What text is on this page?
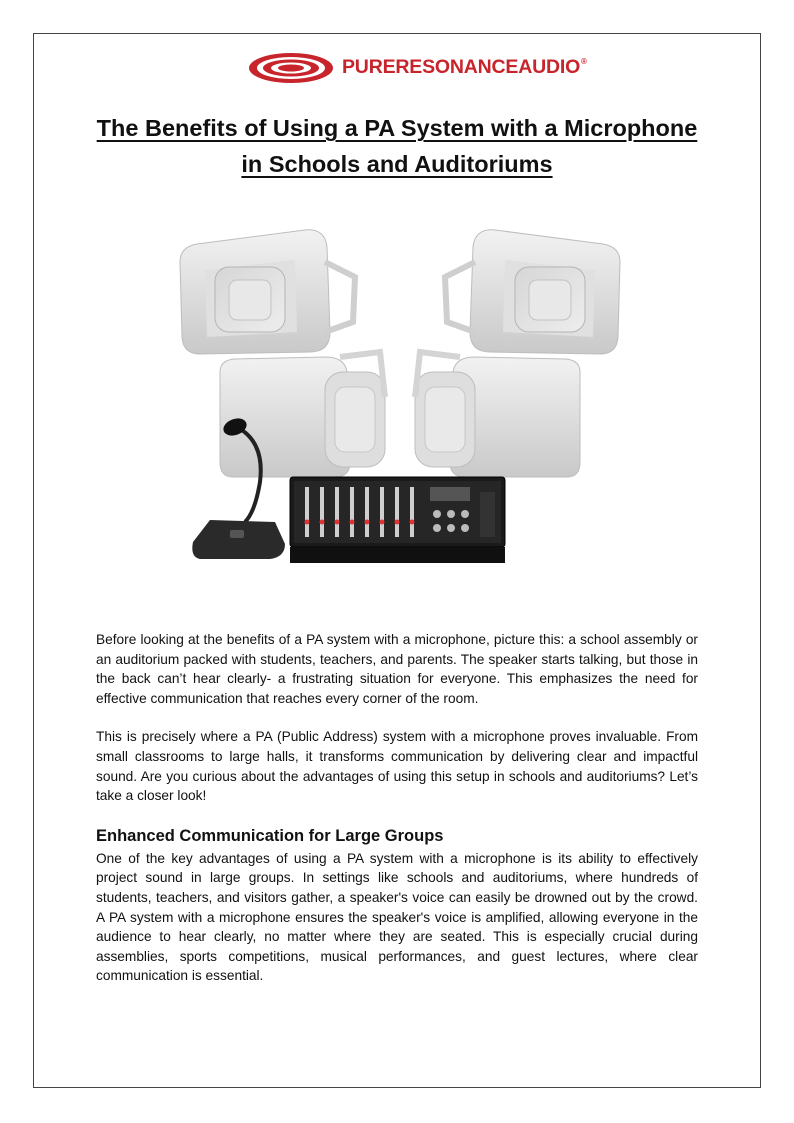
PURERESONANCEAUDIO®
The Benefits of Using a PA System with a Microphone
in Schools and Auditoriums

Before looking at the benefits of a PA system with a microphone, picture this: a school assembly or an auditorium packed with students, teachers, and parents. The speaker starts talking, but those in the back can’t hear clearly- a frustrating situation for everyone. This emphasizes the need for effective communication that reaches every corner of the room.

This is precisely where a PA (Public Address) system with a microphone proves invaluable. From small classrooms to large halls, it transforms communication by delivering clear and impactful sound. Are you curious about the advantages of using this setup in schools and auditoriums? Let’s take a closer look!

Enhanced Communication for Large Groups

One of the key advantages of using a PA system with a microphone is its ability to effectively project sound in large groups. In settings like schools and auditoriums, where hundreds of students, teachers, and visitors gather, a speaker's voice can easily be drowned out by the crowd. A PA system with a microphone ensures the speaker's voice is amplified, allowing everyone in the audience to hear clearly, no matter where they are seated. This is especially crucial during assemblies, sports competitions, musical performances, and guest lectures, where clear communication is essential.
